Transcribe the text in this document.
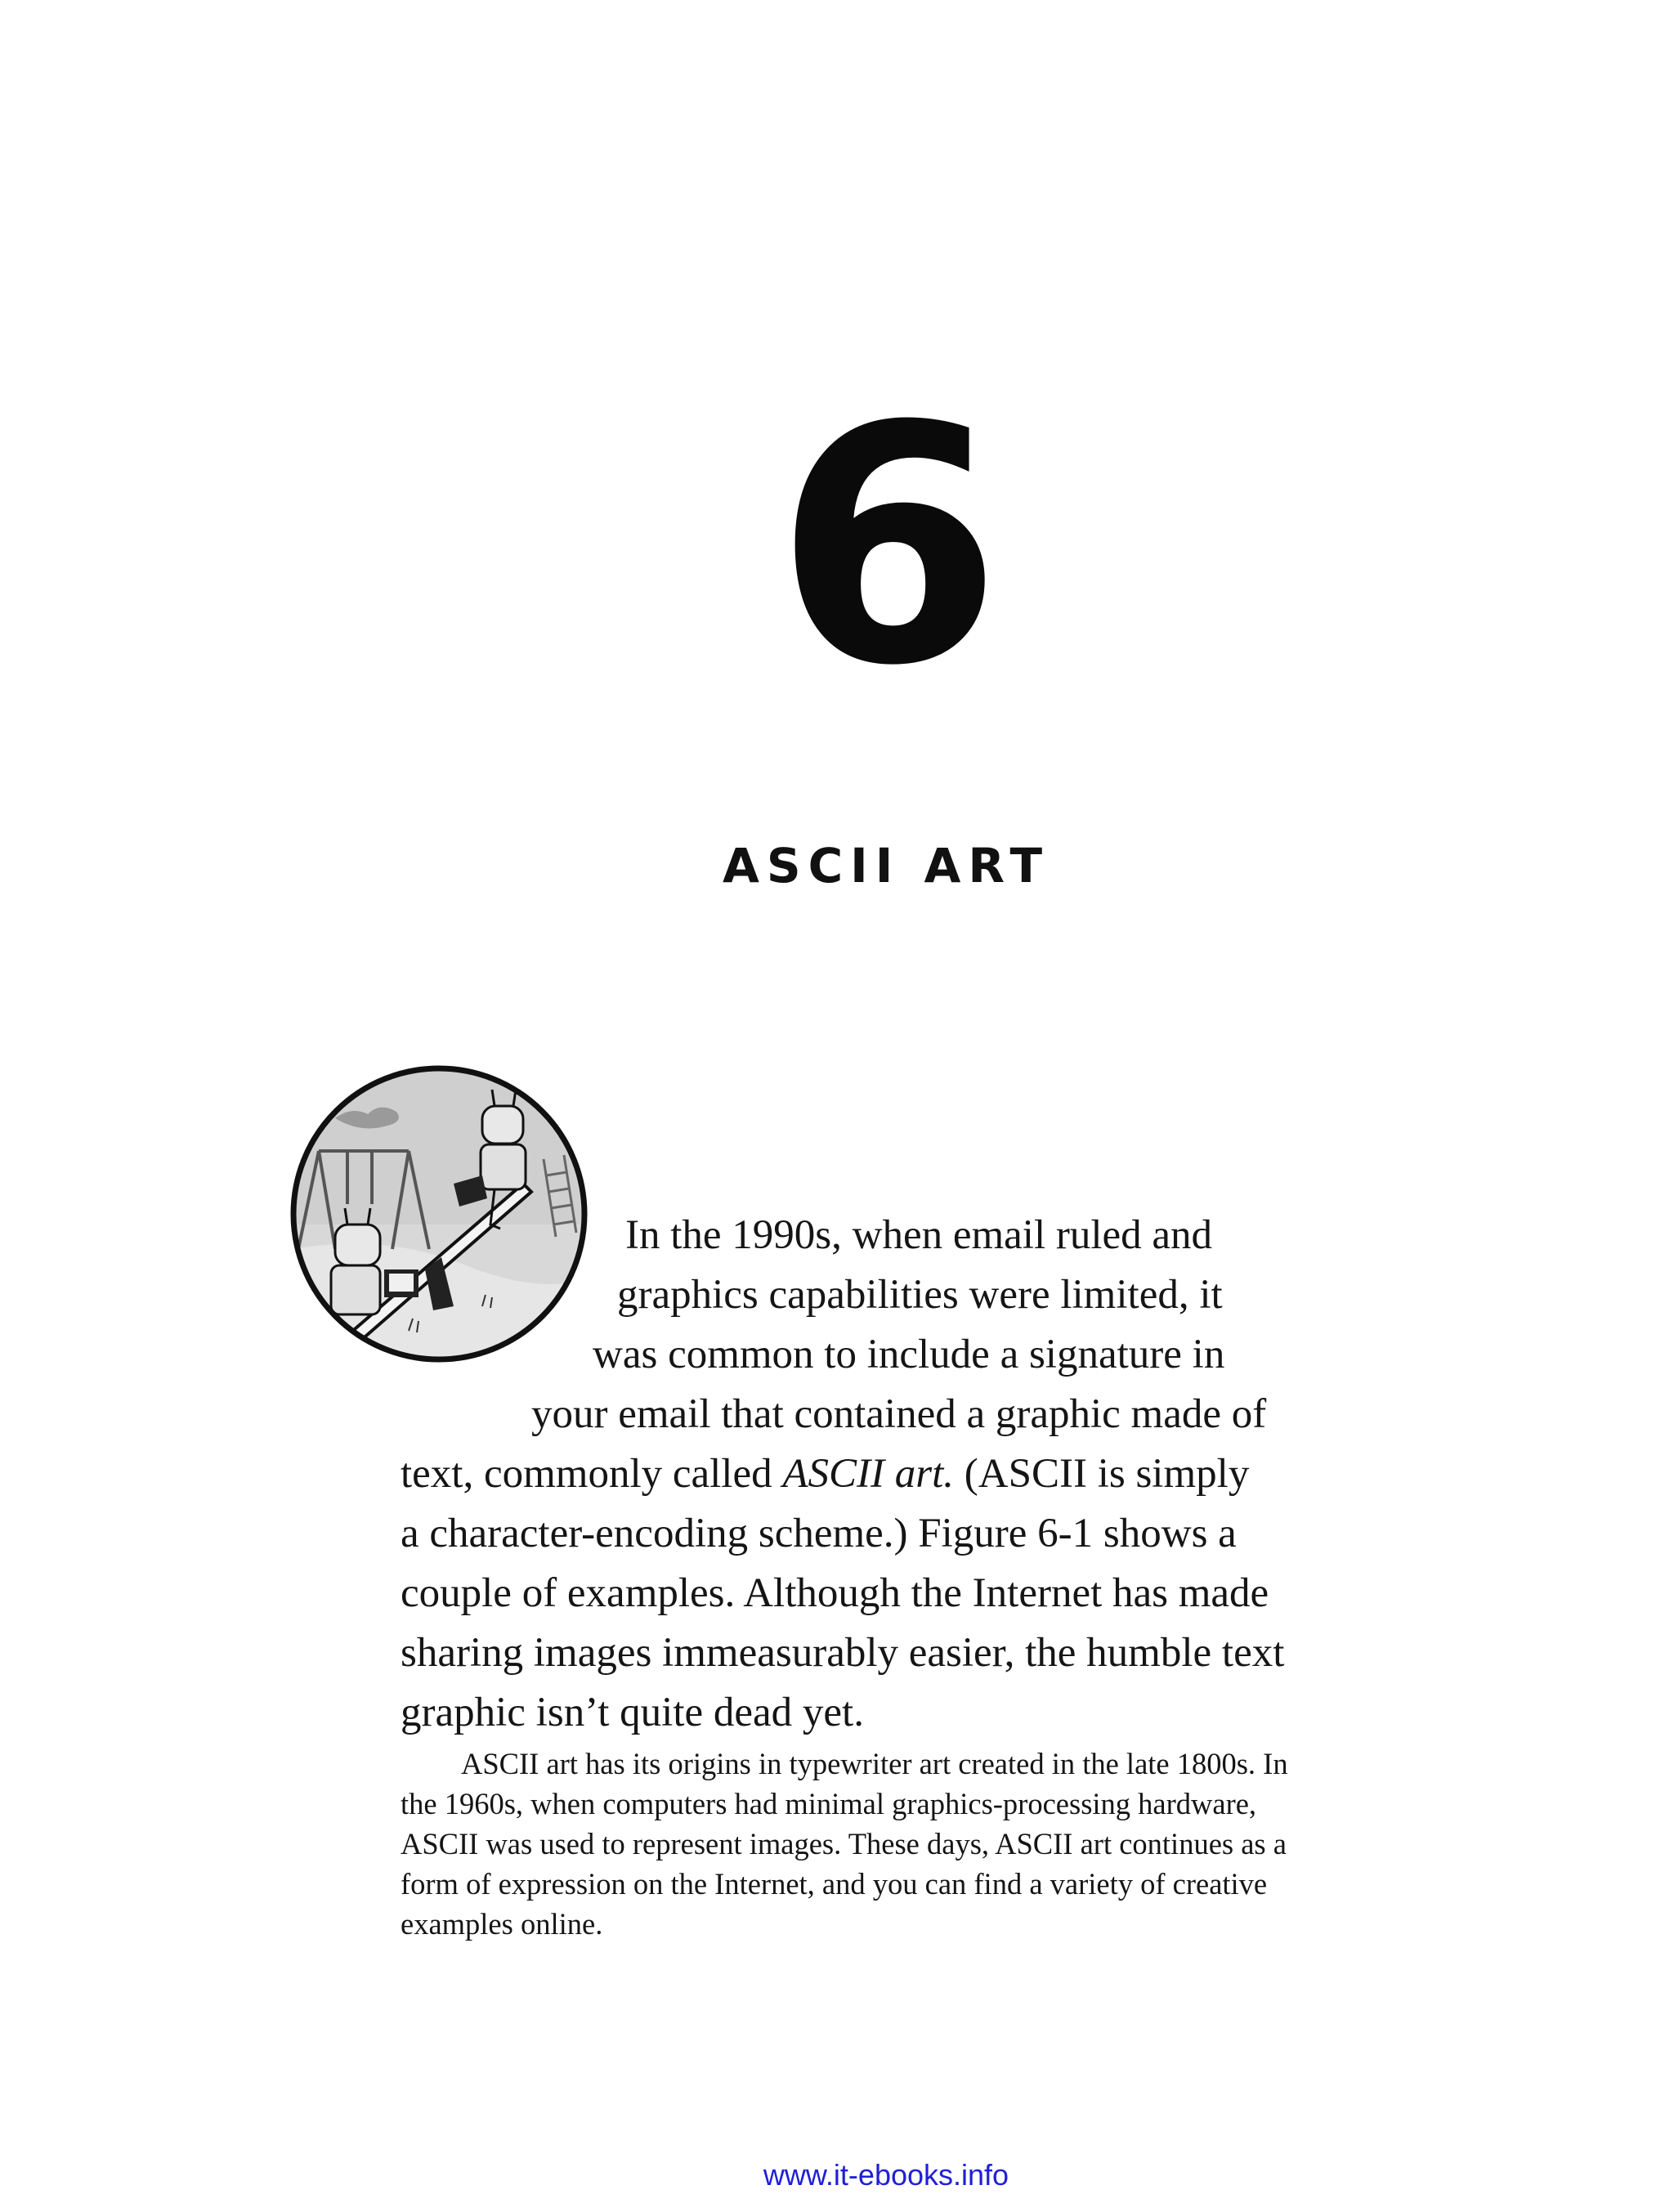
6
ASCII ART
In the 1990s, when email ruled and
graphics capabilities were limited, it
was common to include a signature in
your email that contained a graphic made of
text, commonly called ASCII art. (ASCII is simply
a character-encoding scheme.) Figure 6-1 shows a
couple of examples. Although the Internet has made
sharing images immeasurably easier, the humble text
graphic isn’t quite dead yet.
ASCII art has its origins in typewriter art created in the late 1800s. In
the 1960s, when computers had minimal graphics-processing hardware,
ASCII was used to represent images. These days, ASCII art continues as a
form of expression on the Internet, and you can find a variety of creative
examples online.
www.it-ebooks.info
